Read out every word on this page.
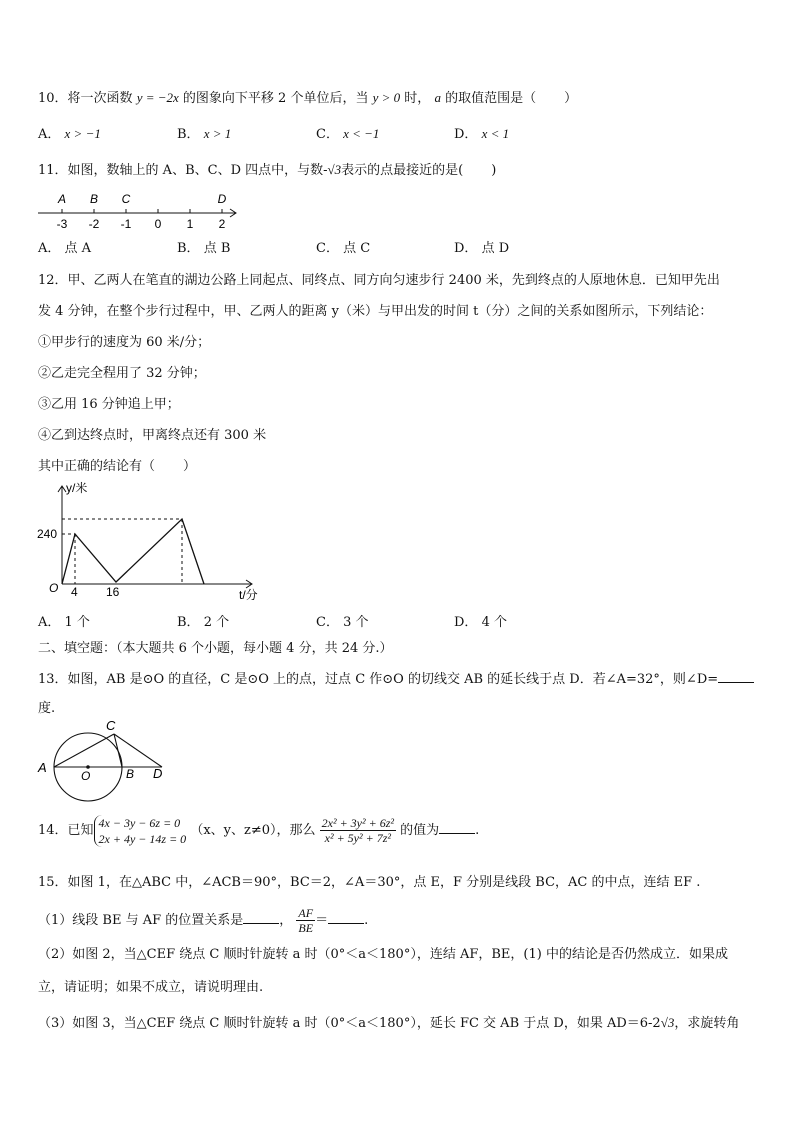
10．将一次函数 y = −2x 的图象向下平移 2 个单位后，当 y > 0 时， a 的取值范围是（ ）
A． x > −1	B． x > 1	C． x < −1	D． x < 1
11．如图，数轴上的 A、B、C、D 四点中，与数-√3表示的点最接近的是( )
-3 -2 -1 0 1 2
A B C	D
A． 点 A	B． 点 B	C． 点 C	D． 点 D
12．甲、乙两人在笔直的湖边公路上同起点、同终点、同方向匀速步行 2400 米，先到终点的人原地休息．已知甲先出
发 4 分钟，在整个步行过程中，甲、乙两人的距离 y（米）与甲出发的时间 t（分）之间的关系如图所示，下列结论：
①甲步行的速度为 60 米/分；
②乙走完全程用了 32 分钟；
③乙用 16 分钟追上甲；
④乙到达终点时，甲离终点还有 300 米
其中正确的结论有（ ）
y/米
240
O 4 16	t/分
A． 1 个	B． 2 个	C． 3 个	D． 4 个
二、填空题：（本大题共 6 个小题，每小题 4 分，共 24 分.）
13．如图，AB 是⊙O 的直径，C 是⊙O 上的点，过点 C 作⊙O 的切线交 AB 的延长线于点 D．若∠A=32°，则∠D=
度.
A
O	B
C
D
14．已知
4x − 3y − 6z = 0
2x + 4y − 14z = 0
（x、y、z≠0），那么 $\frac{\text{2x² + 3y² + 6z²}}{\text{x² + 5y² + 7z²}}$ 的值为	.
15．如图 1，在△ABC 中，∠ACB＝90°，BC＝2，∠A＝30°，点 E，F 分别是线段 BC，AC 的中点，连结 EF .
（1）线段 BE 与 AF 的位置关系是	， $\frac{AF}{BE}$ ＝	.
（2）如图 2，当△CEF 绕点 C 顺时针旋转 a 时（0°＜a＜180°），连结 AF，BE，(1) 中的结论是否仍然成立．如果成
立，请证明；如果不成立，请说明理由.
（3）如图 3，当△CEF 绕点 C 顺时针旋转 a 时（0°＜a＜180°），延长 FC 交 AB 于点 D，如果 AD＝6-2√3，求旋转角
